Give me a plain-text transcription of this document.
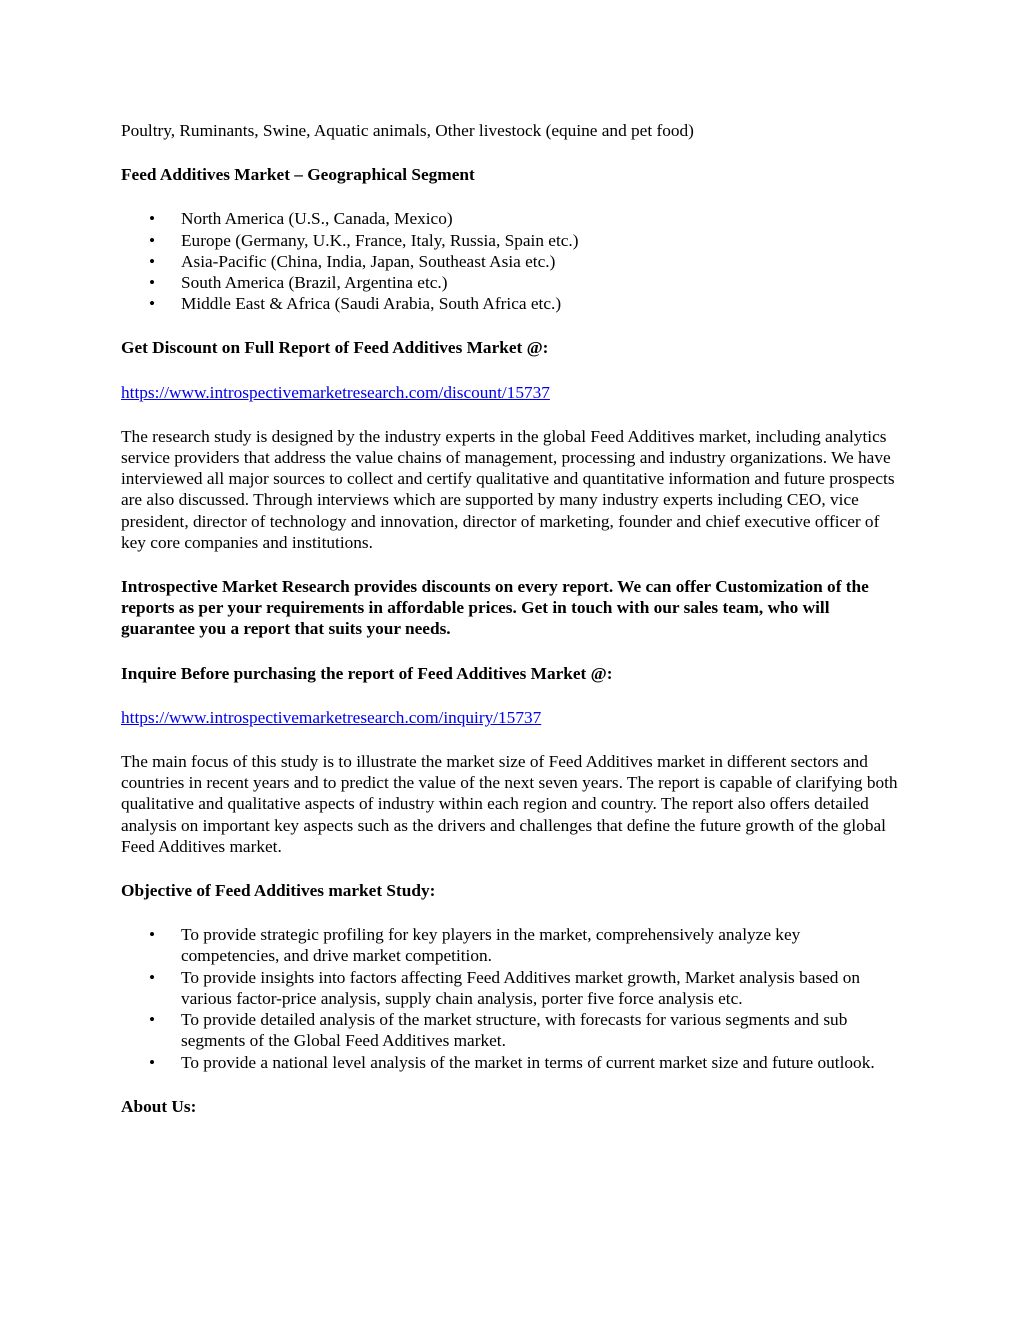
Poultry, Ruminants, Swine, Aquatic animals, Other livestock (equine and pet food)

Feed Additives Market – Geographical Segment

• North America (U.S., Canada, Mexico)
• Europe (Germany, U.K., France, Italy, Russia, Spain etc.)
• Asia-Pacific (China, India, Japan, Southeast Asia etc.)
• South America (Brazil, Argentina etc.)
• Middle East & Africa (Saudi Arabia, South Africa etc.)

Get Discount on Full Report of Feed Additives Market @:

https://www.introspectivemarketresearch.com/discount/15737

The research study is designed by the industry experts in the global Feed Additives market, including analytics service providers that address the value chains of management, processing and industry organizations. We have interviewed all major sources to collect and certify qualitative and quantitative information and future prospects are also discussed. Through interviews which are supported by many industry experts including CEO, vice president, director of technology and innovation, director of marketing, founder and chief executive officer of key core companies and institutions.

Introspective Market Research provides discounts on every report. We can offer Customization of the reports as per your requirements in affordable prices. Get in touch with our sales team, who will guarantee you a report that suits your needs.

Inquire Before purchasing the report of Feed Additives Market @:

https://www.introspectivemarketresearch.com/inquiry/15737

The main focus of this study is to illustrate the market size of Feed Additives market in different sectors and countries in recent years and to predict the value of the next seven years. The report is capable of clarifying both qualitative and qualitative aspects of industry within each region and country. The report also offers detailed analysis on important key aspects such as the drivers and challenges that define the future growth of the global Feed Additives market.

Objective of Feed Additives market Study:

• To provide strategic profiling for key players in the market, comprehensively analyze key competencies, and drive market competition.
• To provide insights into factors affecting Feed Additives market growth, Market analysis based on various factor-price analysis, supply chain analysis, porter five force analysis etc.
• To provide detailed analysis of the market structure, with forecasts for various segments and sub segments of the Global Feed Additives market.
• To provide a national level analysis of the market in terms of current market size and future outlook.

About Us:
